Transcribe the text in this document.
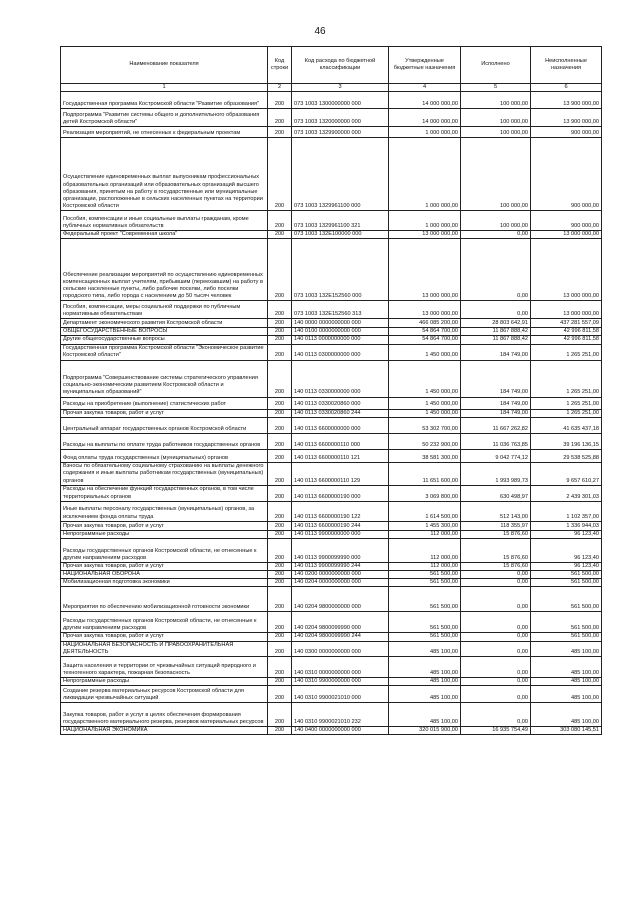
46
Наименование показателя	Код строки	Код расхода по бюджетной классификации	Утвержденные бюджетные назначения	Исполнено	Неисполненные назначения
1	2	3	4	5	6
Государственная программа Костромской области "Развитие образования"	200	073 1003 1300000000 000	14 000 000,00	100 000,00	13 900 000,00
Подпрограмма "Развитие системы общего и дополнительного образования детей Костромской области"	200	073 1003 1320000000 000	14 000 000,00	100 000,00	13 900 000,00
Реализация мероприятий, не отнесенных к федеральным проектам	200	073 1003 1329900000 000	1 000 000,00	100 000,00	900 000,00
Осуществление единовременных выплат выпускникам профессиональных образовательных организаций или образовательных организаций высшего образования, принятым на работу в государственные или муниципальные организации, расположенные в сельских населенных пунктах на территории Костромской области	200	073 1003 1329961100 000	1 000 000,00	100 000,00	900 000,00
Пособия, компенсации и иные социальные выплаты гражданам, кроме публичных нормативных обязательств	200	073 1003 1329961100 321	1 000 000,00	100 000,00	900 000,00
Федеральный проект "Современная школа"	200	073 1003 132E100000 000	13 000 000,00	0,00	13 000 000,00
Обеспечение реализации мероприятий по осуществлению единовременных компенсационных выплат учителям, прибывшим (переехавшим) на работу в сельские населенные пункты, либо рабочие поселки, либо поселки городского типа, либо города с населением до 50 тысяч человек	200	073 1003 132E152560 000	13 000 000,00	0,00	13 000 000,00
Пособия, компенсации, меры социальной поддержки по публичным нормативным обязательствам	200	073 1003 132E152560 313	13 000 000,00	0,00	13 000 000,00
Департамент экономического развития Костромской области	200	140 0000 0000000000 000	466 085 200,00	28 803 642,91	437 281 557,09
ОБЩЕГОСУДАРСТВЕННЫЕ ВОПРОСЫ	200	140 0100 0000000000 000	54 864 700,00	11 867 888,42	42 996 811,58
Другие общегосударственные вопросы	200	140 0113 0000000000 000	54 864 700,00	11 867 888,42	42 996 811,58
Государственная программа Костромской области "Экономическое развитие Костромской области"	200	140 0113 0300000000 000	1 450 000,00	184 749,00	1 265 251,00
Подпрограмма "Совершенствование системы стратегического управления социально-экономическим развитием Костромской области и муниципальных образований"	200	140 0113 0330000000 000	1 450 000,00	184 749,00	1 265 251,00
Расходы на приобретение (выполнение) статистических работ	200	140 0113 0330020860 000	1 450 000,00	184 749,00	1 265 251,00
Прочая закупка товаров, работ и услуг	200	140 0113 0330020860 244	1 450 000,00	184 749,00	1 265 251,00
Центральный аппарат государственных органов Костромской области	200	140 0113 6600000000 000	53 302 700,00	11 667 262,82	41 635 437,18
Расходы на выплаты по оплате труда работников государственных органов	200	140 0113 6600000110 000	50 232 900,00	11 036 763,85	39 196 136,15
Фонд оплаты труда государственных (муниципальных) органов	200	140 0113 6600000110 121	38 581 300,00	9 042 774,12	29 538 525,88
Взносы по обязательному социальному страхованию на выплаты денежного содержания и иные выплаты работникам государственных (муниципальных) органов	200	140 0113 6600000110 129	11 651 600,00	1 993 989,73	9 657 610,27
Расходы на обеспечение функций государственных органов, в том числе территориальных органов	200	140 0113 6600000190 000	3 069 800,00	630 498,97	2 439 301,03
Иные выплаты персоналу государственных (муниципальных) органов, за исключением фонда оплаты труда	200	140 0113 6600000190 122	1 614 500,00	512 143,00	1 102 357,00
Прочая закупка товаров, работ и услуг	200	140 0113 6600000190 244	1 455 300,00	118 355,97	1 336 944,03
Непрограммные расходы	200	140 0113 9900000000 000	112 000,00	15 876,60	96 123,40
Расходы государственных органов Костромской области, не отнесенные к другим направлениям расходов	200	140 0113 9900099990 000	112 000,00	15 876,60	96 123,40
Прочая закупка товаров, работ и услуг	200	140 0113 9900099990 244	112 000,00	15 876,60	96 123,40
НАЦИОНАЛЬНАЯ ОБОРОНА	200	140 0200 0000000000 000	561 500,00	0,00	561 500,00
Мобилизационная подготовка экономики	200	140 0204 0000000000 000	561 500,00	0,00	561 500,00
Мероприятия по обеспечению мобилизационной готовности экономики	200	140 0204 9800000000 000	561 500,00	0,00	561 500,00
Расходы государственных органов Костромской области, не отнесенные к другим направлениям расходов	200	140 0204 9800099990 000	561 500,00	0,00	561 500,00
Прочая закупка товаров, работ и услуг	200	140 0204 9800099990 244	561 500,00	0,00	561 500,00
НАЦИОНАЛЬНАЯ БЕЗОПАСНОСТЬ И ПРАВООХРАНИТЕЛЬНАЯ ДЕЯТЕЛЬНОСТЬ	200	140 0300 0000000000 000	485 100,00	0,00	485 100,00
Защита населения и территории от чрезвычайных ситуаций природного и техногенного характера, пожарная безопасность	200	140 0310 0000000000 000	485 100,00	0,00	485 100,00
Непрограммные расходы	200	140 0310 9900000000 000	485 100,00	0,00	485 100,00
Создание резерва материальных ресурсов Костромской области для ликвидации чрезвычайных ситуаций	200	140 0310 9900021010 000	485 100,00	0,00	485 100,00
Закупка товаров, работ и услуг в целях обеспечения формирования государственного материального резерва, резервов материальных ресурсов	200	140 0310 9900021010 232	485 100,00	0,00	485 100,00
НАЦИОНАЛЬНАЯ ЭКОНОМИКА	200	140 0400 0000000000 000	320 015 900,00	16 935 754,49	303 080 145,51
